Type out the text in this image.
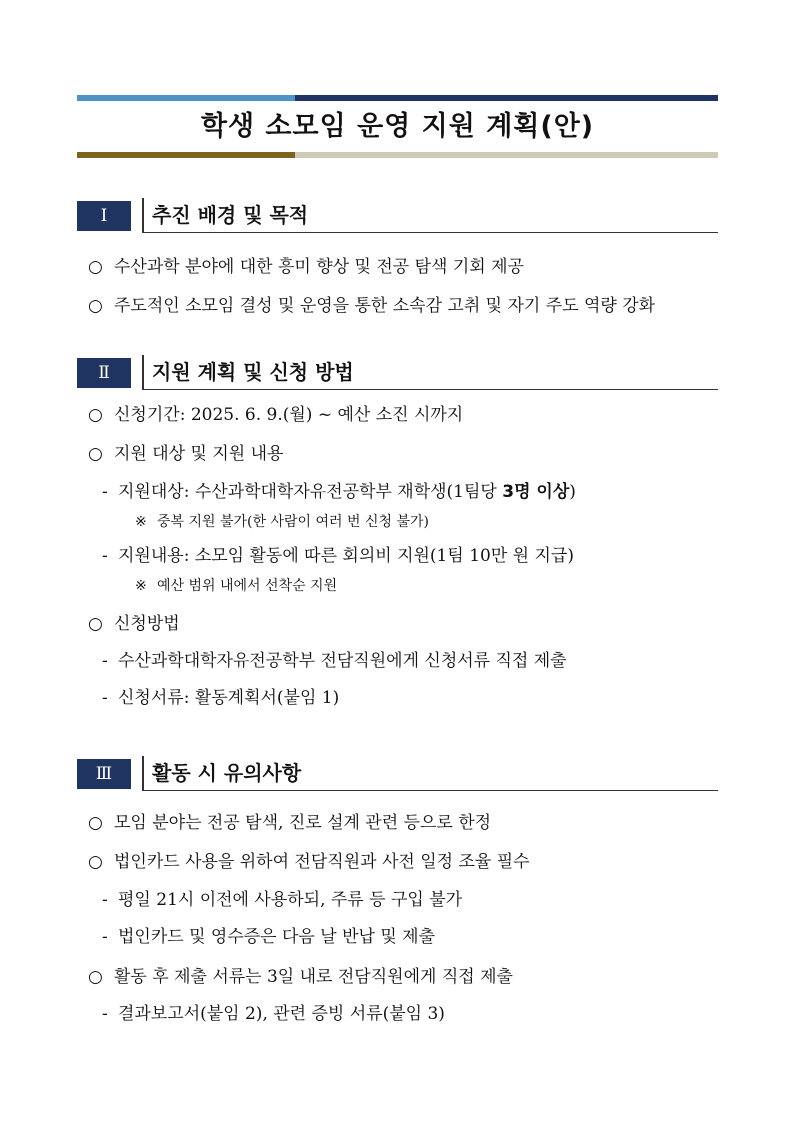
학생 소모임 운영 지원 계획(안)
Ⅰ	추진 배경 및 목적
○ 수산과학 분야에 대한 흥미 향상 및 전공 탐색 기회 제공
○ 주도적인 소모임 결성 및 운영을 통한 소속감 고취 및 자기 주도 역량 강화
Ⅱ	지원 계획 및 신청 방법
○ 신청기간: 2025. 6. 9.(월) ~ 예산 소진 시까지
○ 지원 대상 및 지원 내용
- 지원대상: 수산과학대학자유전공학부 재학생(1팀당 3명 이상)
※ 중복 지원 불가(한 사람이 여러 번 신청 불가)
- 지원내용: 소모임 활동에 따른 회의비 지원(1팀 10만 원 지급)
※ 예산 범위 내에서 선착순 지원
○ 신청방법
- 수산과학대학자유전공학부 전담직원에게 신청서류 직접 제출
- 신청서류: 활동계획서(붙임 1)
Ⅲ	활동 시 유의사항
○ 모임 분야는 전공 탐색, 진로 설계 관련 등으로 한정
○ 법인카드 사용을 위하여 전담직원과 사전 일정 조율 필수
- 평일 21시 이전에 사용하되, 주류 등 구입 불가
- 법인카드 및 영수증은 다음 날 반납 및 제출
○ 활동 후 제출 서류는 3일 내로 전담직원에게 직접 제출
- 결과보고서(붙임 2), 관련 증빙 서류(붙임 3)
